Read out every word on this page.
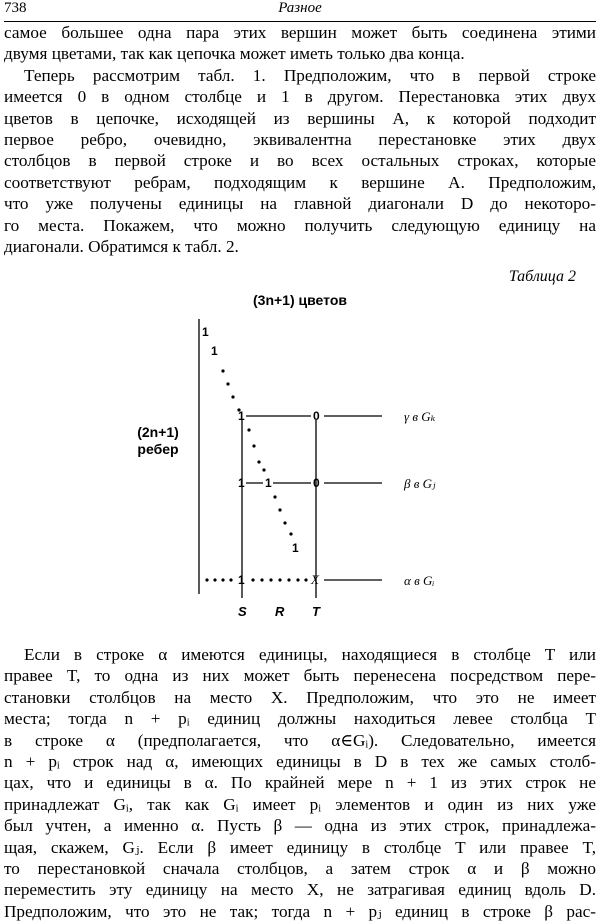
738	Разное
самое большее одна пара этих вершин может быть соединена этими
двумя цветами, так как цепочка может иметь только два конца.
Теперь рассмотрим табл. 1. Предположим, что в первой строке
имеется 0 в одном столбце и 1 в другом. Перестановка этих двух
цветов в цепочке, исходящей из вершины A, к которой подходит
первое ребро, очевидно, эквивалентна перестановке этих двух
столбцов в первой строке и во всех остальных строках, которые
соответствуют ребрам, подходящим к вершине A. Предположим,
что уже получены единицы на главной диагонали D до некоторо-
го места. Покажем, что можно получить следующую единицу на
диагонали. Обратимся к табл. 2.
Таблица 2
(3n+1) цветов
(2n+1)
ребер
1
1
1	0	γ в Gₖ
1 1	0	β в Gⱼ
1
1	X	α в Gᵢ
S R T
Если в строке α имеются единицы, находящиеся в столбце T или
правее T, то одна из них может быть перенесена посредством пере-
становки столбцов на место X. Предположим, что это не имеет
места; тогда n + pᵢ единиц должны находиться левее столбца T
в строке α (предполагается, что α∈Gᵢ). Следовательно, имеется
n + pᵢ строк над α, имеющих единицы в D в тех же самых столб-
цах, что и единицы в α. По крайней мере n + 1 из этих строк не
принадлежат Gᵢ, так как Gᵢ имеет pᵢ элементов и один из них уже
был учтен, а именно α. Пусть β — одна из этих строк, принадлежа-
щая, скажем, Gⱼ. Если β имеет единицу в столбце T или правее T,
то перестановкой сначала столбцов, а затем строк α и β можно
переместить эту единицу на место X, не затрагивая единиц вдоль D.
Предположим, что это не так; тогда n + pⱼ единиц в строке β рас-
